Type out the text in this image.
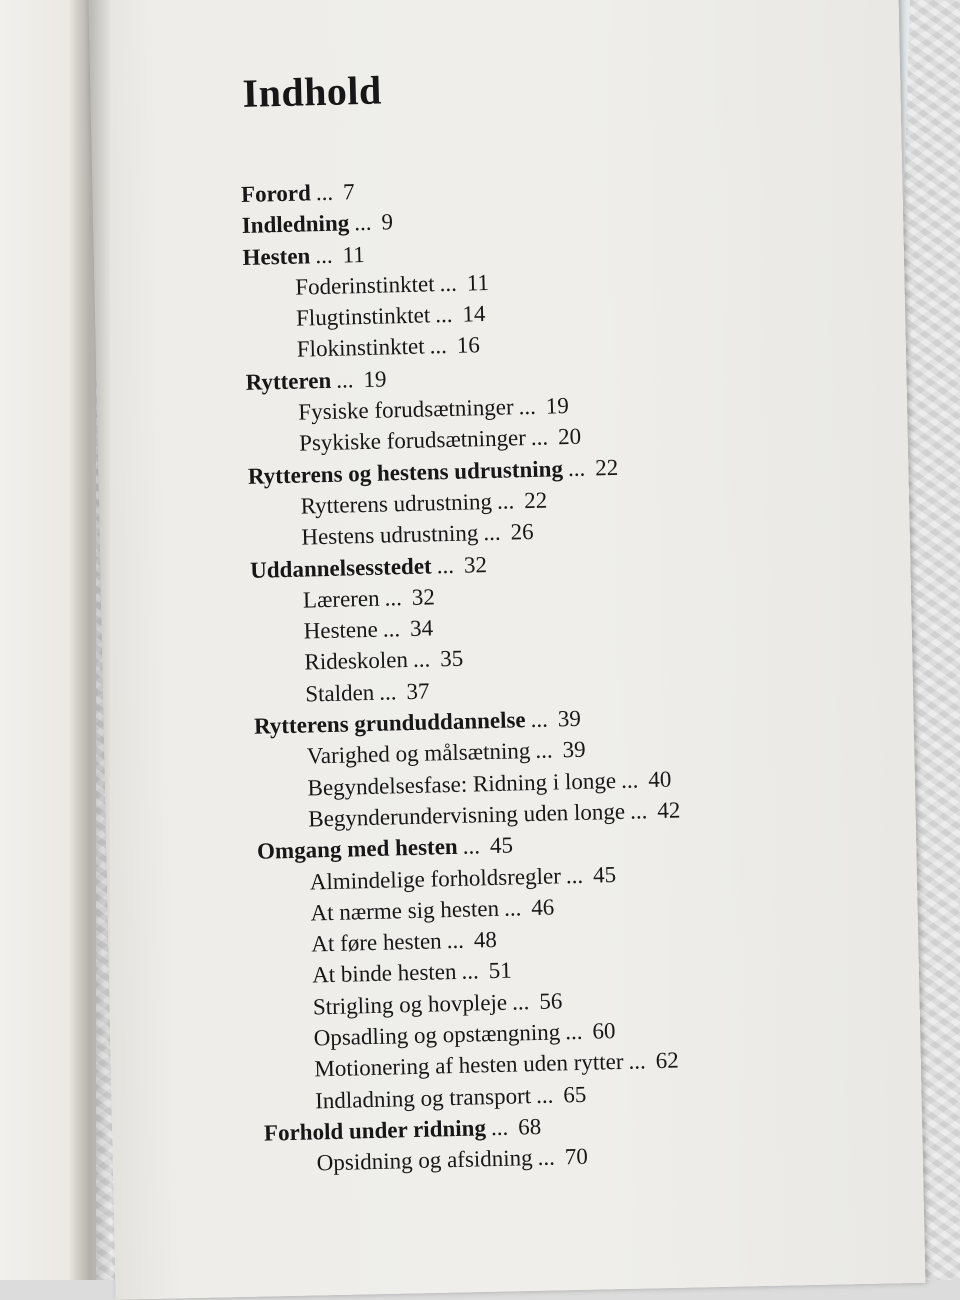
Indhold
Forord ... 7
Indledning ... 9
Hesten ... 11
Foderinstinktet ... 11
Flugtinstinktet ... 14
Flokinstinktet ... 16
Rytteren ... 19
Fysiske forudsætninger ... 19
Psykiske forudsætninger ... 20
Rytterens og hestens udrustning ... 22
Rytterens udrustning ... 22
Hestens udrustning ... 26
Uddannelsesstedet ... 32
Læreren ... 32
Hestene ... 34
Rideskolen ... 35
Stalden ... 37
Rytterens grunduddannelse ... 39
Varighed og målsætning ... 39
Begyndelsesfase: Ridning i longe ... 40
Begynderundervisning uden longe ... 42
Omgang med hesten ... 45
Almindelige forholdsregler ... 45
At nærme sig hesten ... 46
At føre hesten ... 48
At binde hesten ... 51
Strigling og hovpleje ... 56
Opsadling og opstængning ... 60
Motionering af hesten uden rytter ... 62
Indladning og transport ... 65
Forhold under ridning ... 68
Opsidning og afsidning ... 70
